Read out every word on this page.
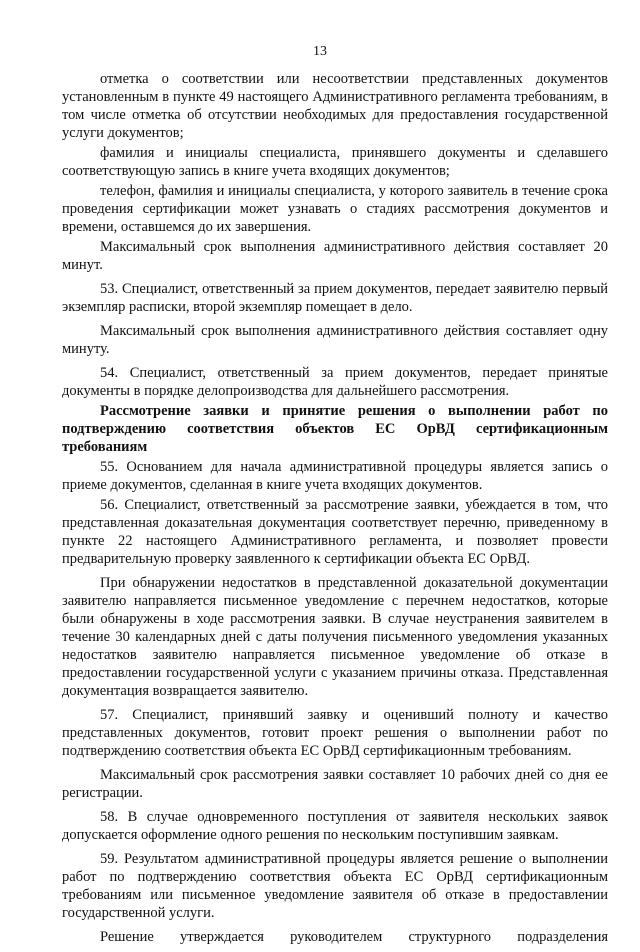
13

отметка о соответствии или несоответствии представленных документов установленным в пункте 49 настоящего Административного регламента требованиям, в том числе отметка об отсутствии необходимых для предоставления государственной услуги документов;

фамилия и инициалы специалиста, принявшего документы и сделавшего соответствующую запись в книге учета входящих документов;

телефон, фамилия и инициалы специалиста, у которого заявитель в течение срока проведения сертификации может узнавать о стадиях рассмотрения документов и времени, оставшемся до их завершения.

Максимальный срок выполнения административного действия составляет 20 минут.

53. Специалист, ответственный за прием документов, передает заявителю первый экземпляр расписки, второй экземпляр помещает в дело.

Максимальный срок выполнения административного действия составляет одну минуту.

54. Специалист, ответственный за прием документов, передает принятые документы в порядке делопроизводства для дальнейшего рассмотрения.

Рассмотрение заявки и принятие решения о выполнении работ по подтверждению соответствия объектов ЕС ОрВД сертификационным требованиям

55. Основанием для начала административной процедуры является запись о приеме документов, сделанная в книге учета входящих документов.

56. Специалист, ответственный за рассмотрение заявки, убеждается в том, что представленная доказательная документация соответствует перечню, приведенному в пункте 22 настоящего Административного регламента, и позволяет провести предварительную проверку заявленного к сертификации объекта ЕС ОрВД.

При обнаружении недостатков в представленной доказательной документации заявителю направляется письменное уведомление с перечнем недостатков, которые были обнаружены в ходе рассмотрения заявки. В случае неустранения заявителем в течение 30 календарных дней с даты получения письменного уведомления указанных недостатков заявителю направляется письменное уведомление об отказе в предоставлении государственной услуги с указанием причины отказа. Представленная документация возвращается заявителю.

57. Специалист, принявший заявку и оценивший полноту и качество представленных документов, готовит проект решения о выполнении работ по подтверждению соответствия объекта ЕС ОрВД сертификационным требованиям.

Максимальный срок рассмотрения заявки составляет 10 рабочих дней со дня ее регистрации.

58. В случае одновременного поступления от заявителя нескольких заявок допускается оформление одного решения по нескольким поступившим заявкам.

59. Результатом административной процедуры является решение о выполнении работ по подтверждению соответствия объекта ЕС ОрВД сертификационным требованиям или письменное уведомление заявителя об отказе в предоставлении государственной услуги.

Решение утверждается руководителем структурного подразделения
